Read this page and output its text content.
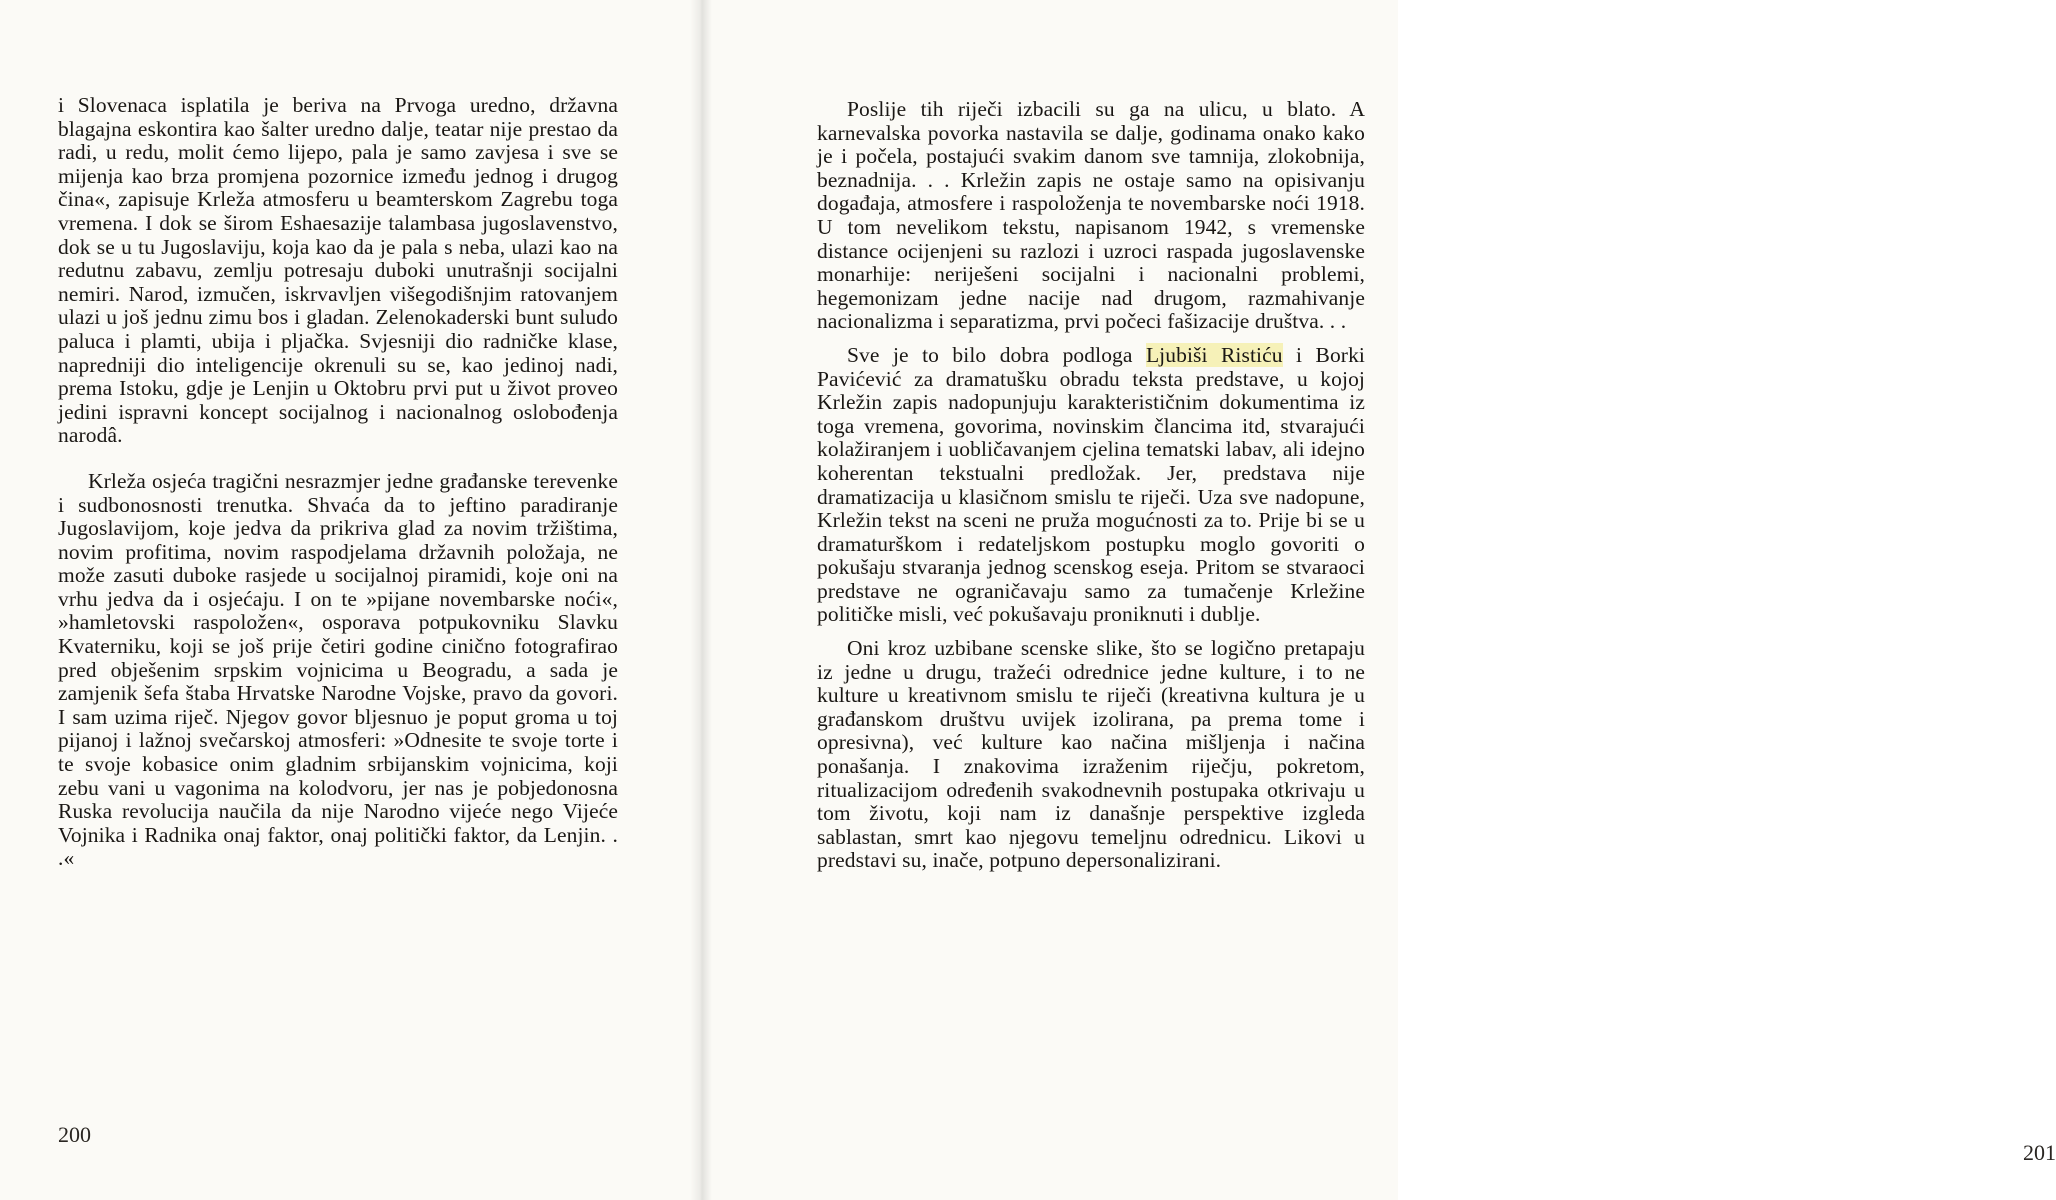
i Slovenaca isplatila je beriva na Prvoga uredno, državna blagajna eskontira kao šalter uredno dalje, teatar nije prestao da radi, u redu, molit ćemo lijepo, pala je samo zavjesa i sve se mijenja kao brza promjena pozornice između jednog i drugog čina«, zapisuje Krleža atmosferu u beamterskom Zagrebu toga vremena. I dok se širom Eshaesazije talambasa jugoslavenstvo, dok se u tu Jugoslaviju, koja kao da je pala s neba, ulazi kao na redutnu zabavu, zemlju potresaju duboki unutrašnji socijalni nemiri. Narod, izmučen, iskrvavljen višegodišnjim ratovanjem ulazi u još jednu zimu bos i gladan. Zelenokaderski bunt suludo paluca i plamti, ubija i pljačka. Svjesniji dio radničke klase, napredniji dio inteligencije okrenuli su se, kao jedinoj nadi, prema Istoku, gdje je Lenjin u Oktobru prvi put u život proveo jedini ispravni koncept socijalnog i nacionalnog oslobođenja narodâ.

Krleža osjeća tragični nesrazmjer jedne građanske terevenke i sudbonosnosti trenutka. Shvaća da to jeftino paradiranje Jugoslavijom, koje jedva da prikriva glad za novim tržištima, novim profitima, novim raspodjelama državnih položaja, ne može zasuti duboke rasjede u socijalnoj piramidi, koje oni na vrhu jedva da i osjećaju. I on te »pijane novembarske noći«, »hamletovski raspoložen«, osporava potpukovniku Slavku Kvaterniku, koji se još prije četiri godine cinično fotografirao pred obješenim srpskim vojnicima u Beogradu, a sada je zamjenik šefa štaba Hrvatske Narodne Vojske, pravo da govori. I sam uzima riječ. Njegov govor bljesnuo je poput groma u toj pijanoj i lažnoj svečarskoj atmosferi: »Odnesite te svoje torte i te svoje kobasice onim gladnim srbijanskim vojnicima, koji zebu vani u vagonima na kolodvoru, jer nas je pobjedonosna Ruska revolucija naučila da nije Narodno vijeće nego Vijeće Vojnika i Radnika onaj faktor, onaj politički faktor, da Lenjin. . .«

200

Poslije tih riječi izbacili su ga na ulicu, u blato. A karnevalska povorka nastavila se dalje, godinama onako kako je i počela, postajući svakim danom sve tamnija, zlokobnija, beznadnija. . . Krležin zapis ne ostaje samo na opisivanju događaja, atmosfere i raspoloženja te novembarske noći 1918. U tom nevelikom tekstu, napisanom 1942, s vremenske distance ocijenjeni su razlozi i uzroci raspada jugoslavenske monarhije: neriješeni socijalni i nacionalni problemi, hegemonizam jedne nacije nad drugom, razmahivanje nacionalizma i separatizma, prvi počeci fašizacije društva. . .

Sve je to bilo dobra podloga Ljubiši Ristiću i Borki Pavićević za dramatušku obradu teksta predstave, u kojoj Krležin zapis nadopunjuju karakterističnim dokumentima iz toga vremena, govorima, novinskim člancima itd, stvarajući kolažiranjem i uobličavanjem cjelina tematski labav, ali idejno koherentan tekstualni predložak. Jer, predstava nije dramatizacija u klasičnom smislu te riječi. Uza sve nadopune, Krležin tekst na sceni ne pruža mogućnosti za to. Prije bi se u dramaturškom i redateljskom postupku moglo govoriti o pokušaju stvaranja jednog scenskog eseja. Pritom se stvaraoci predstave ne ograničavaju samo za tumačenje Krležine političke misli, već pokušavaju proniknuti i dublje.

Oni kroz uzbibane scenske slike, što se logično pretapaju iz jedne u drugu, tražeći odrednice jedne kulture, i to ne kulture u kreativnom smislu te riječi (kreativna kultura je u građanskom društvu uvijek izolirana, pa prema tome i opresivna), već kulture kao načina mišljenja i načina ponašanja. I znakovima izraženim riječju, pokretom, ritualizacijom određenih svakodnevnih postupaka otkrivaju u tom životu, koji nam iz današnje perspektive izgleda sablastan, smrt kao njegovu temeljnu odrednicu. Likovi u predstavi su, inače, potpuno depersonalizirani.

201
